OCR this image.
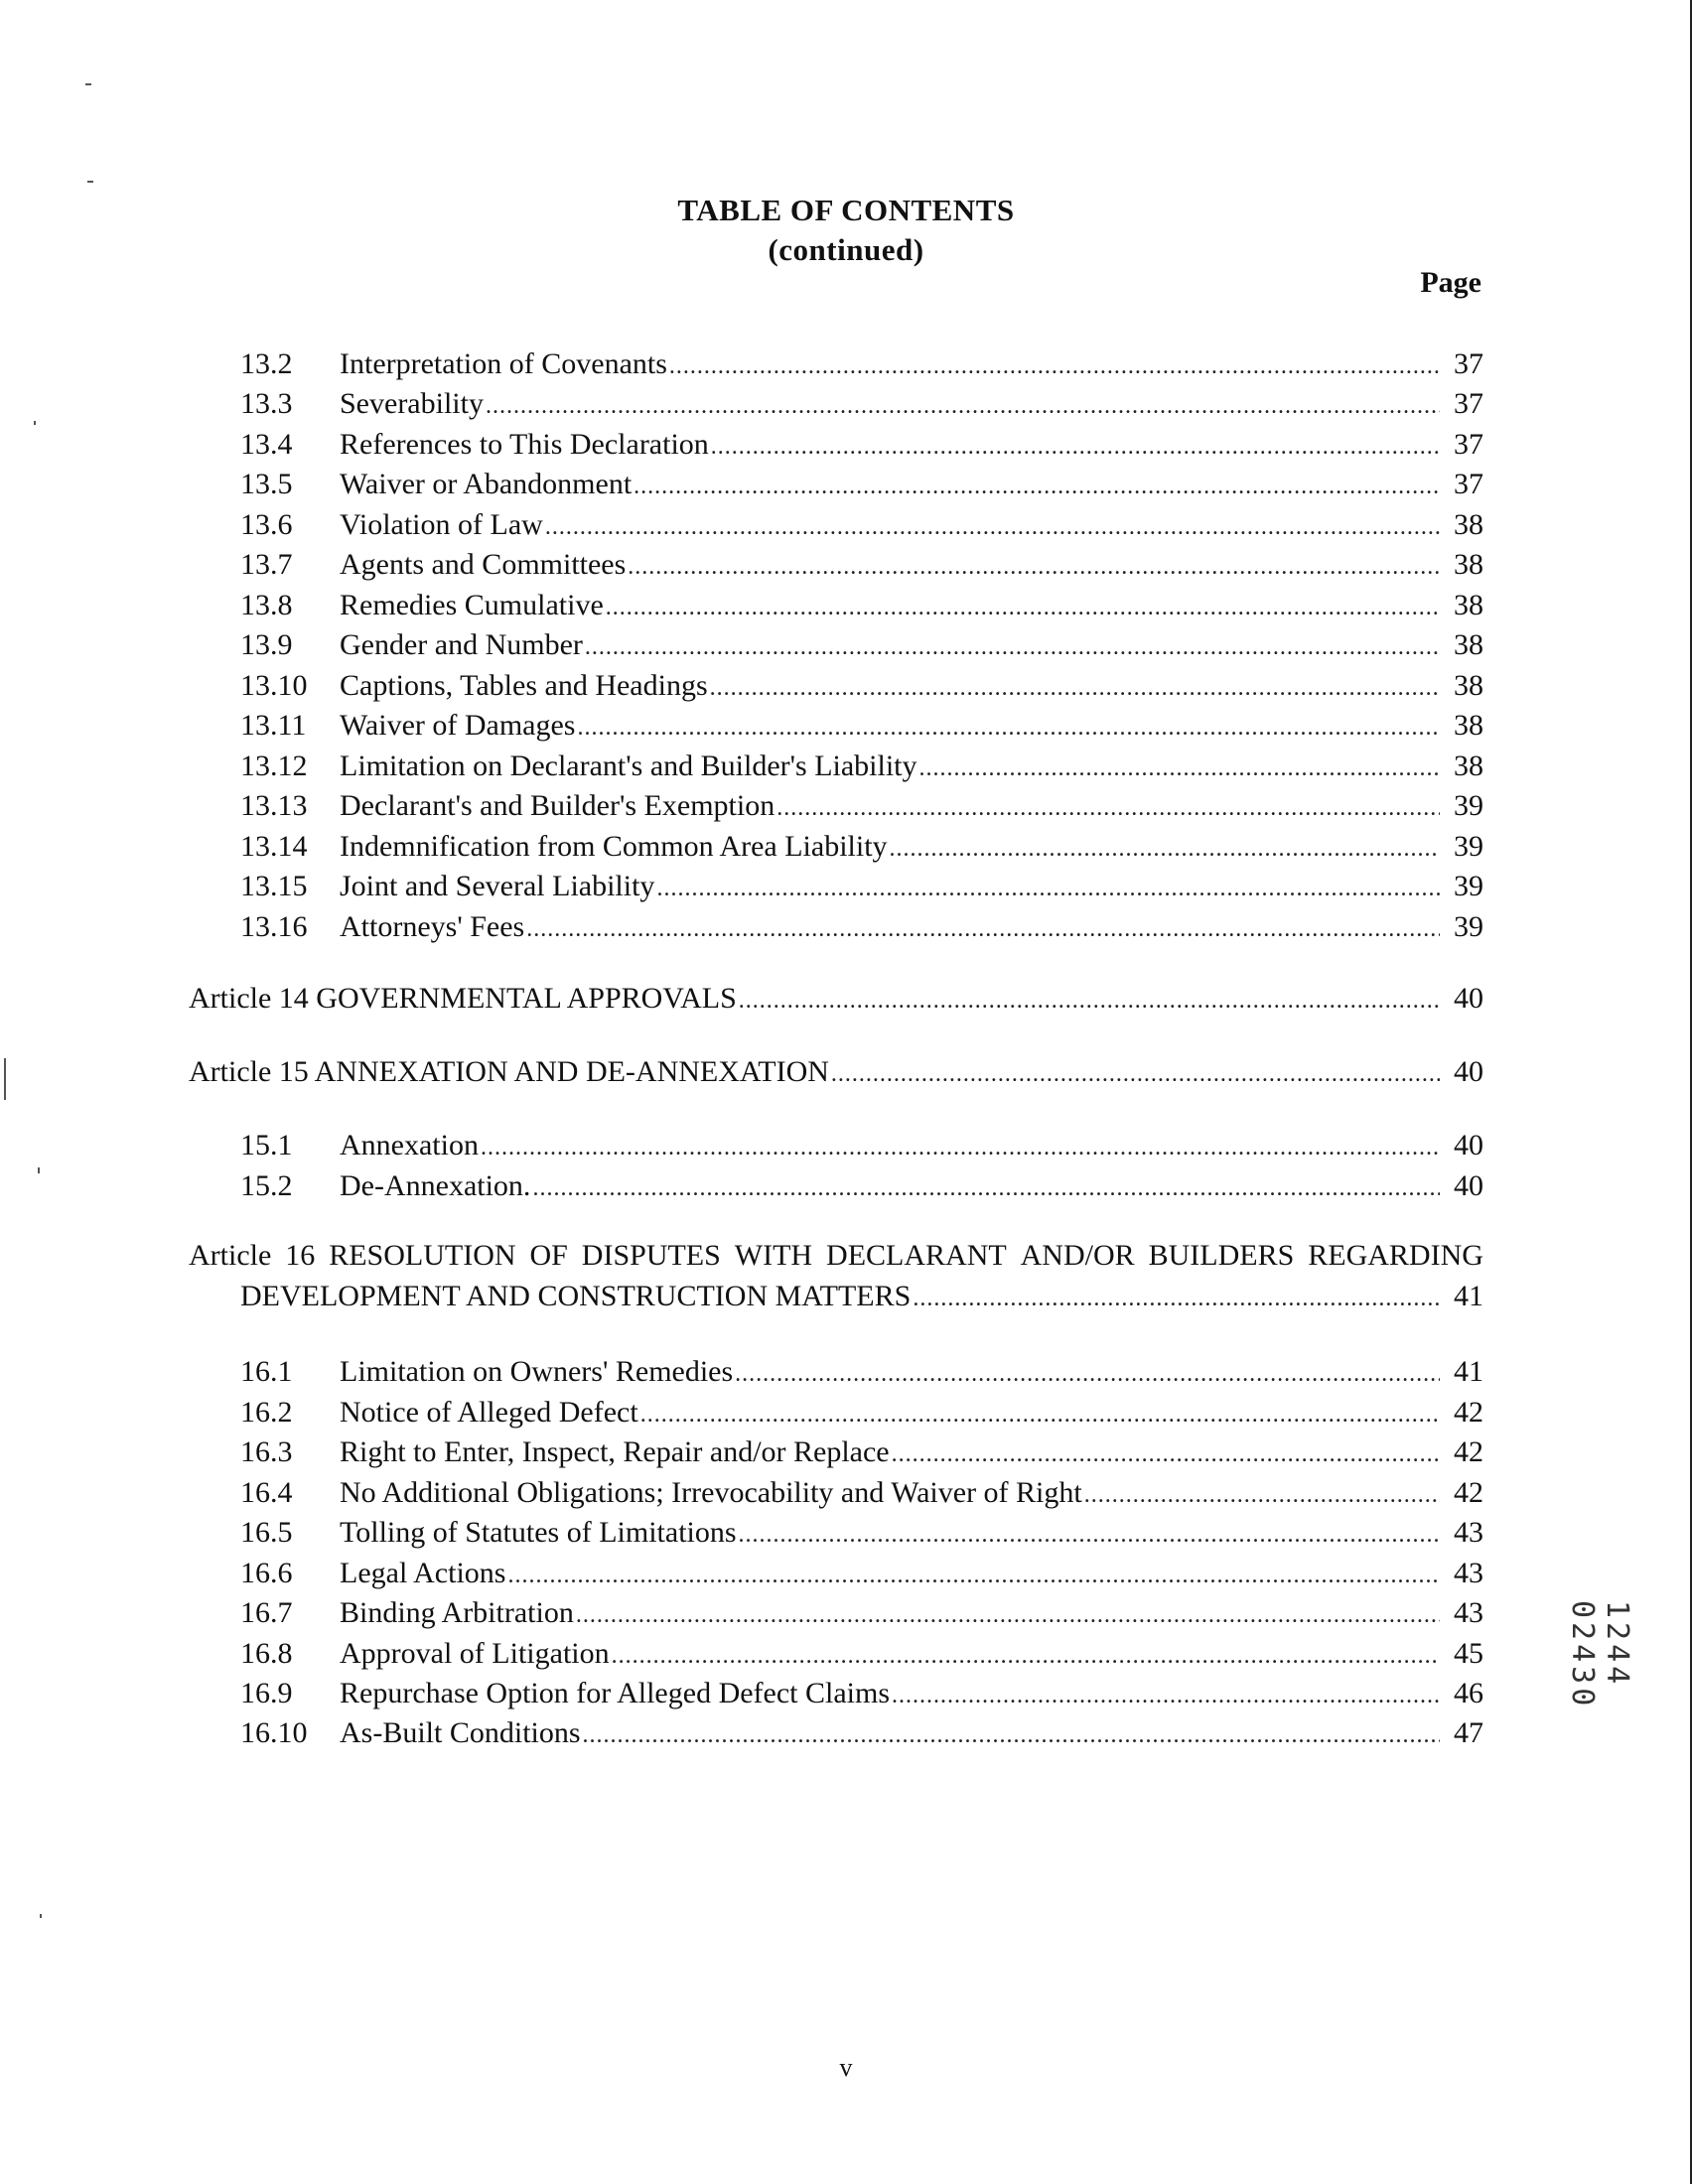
TABLE OF CONTENTS
(continued)
Page
13.2	Interpretation of Covenants .....	37
13.3	Severability .....	37
13.4	References to This Declaration .....	37
13.5	Waiver or Abandonment .....	37
13.6	Violation of Law .....	38
13.7	Agents and Committees .....	38
13.8	Remedies Cumulative .....	38
13.9	Gender and Number .....	38
13.10	Captions, Tables and Headings .....	38
13.11	Waiver of Damages .....	38
13.12	Limitation on Declarant's and Builder's Liability .....	38
13.13	Declarant's and Builder's Exemption .....	39
13.14	Indemnification from Common Area Liability .....	39
13.15	Joint and Several Liability .....	39
13.16	Attorneys' Fees .....	39
Article 14 GOVERNMENTAL APPROVALS .....	40
Article 15 ANNEXATION AND DE-ANNEXATION .....	40
15.1	Annexation .....	40
15.2	De-Annexation. .....	40
Article 16 RESOLUTION OF DISPUTES WITH DECLARANT AND/OR BUILDERS REGARDING
DEVELOPMENT AND CONSTRUCTION MATTERS .....	41
16.1	Limitation on Owners' Remedies .....	41
16.2	Notice of Alleged Defect .....	42
16.3	Right to Enter, Inspect, Repair and/or Replace .....	42
16.4	No Additional Obligations; Irrevocability and Waiver of Right .....	42
16.5	Tolling of Statutes of Limitations .....	43
16.6	Legal Actions .....	43
16.7	Binding Arbitration .....	43
16.8	Approval of Litigation .....	45
16.9	Repurchase Option for Alleged Defect Claims .....	46
16.10	As-Built Conditions .....	47
v
1244 02430
